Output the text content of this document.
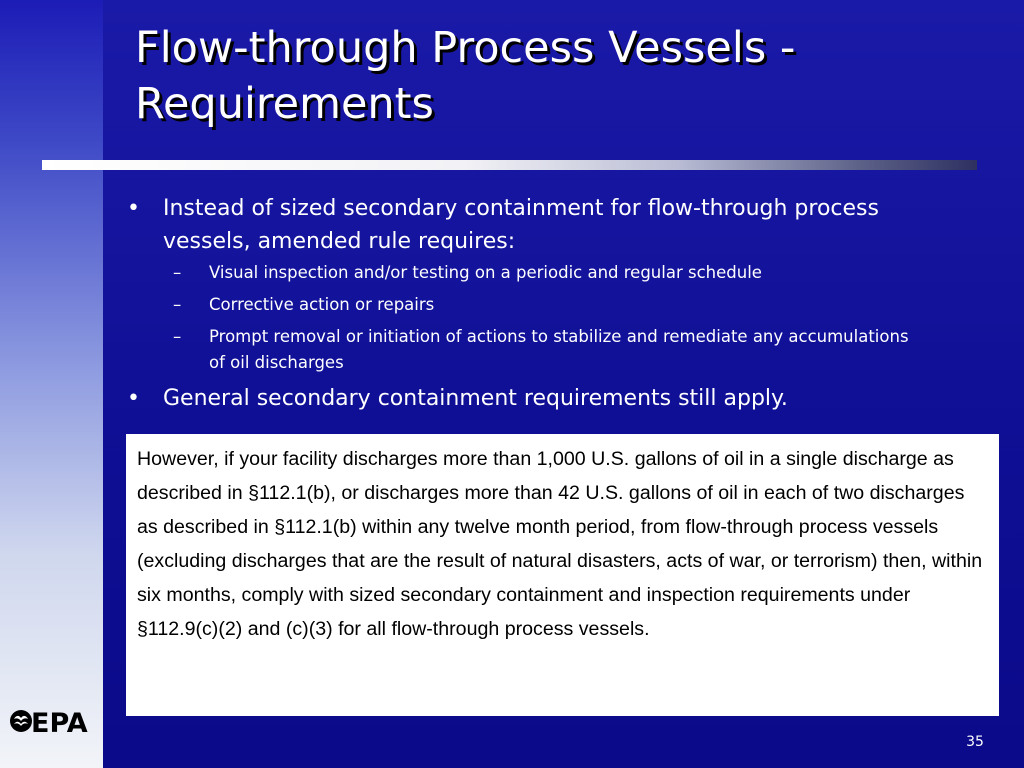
Flow-through Process Vessels - Requirements
• Instead of sized secondary containment for flow-through process vessels, amended rule requires:
– Visual inspection and/or testing on a periodic and regular schedule
– Corrective action or repairs
– Prompt removal or initiation of actions to stabilize and remediate any accumulations of oil discharges
• General secondary containment requirements still apply.
However, if your facility discharges more than 1,000 U.S. gallons of oil in a single discharge as described in §112.1(b), or discharges more than 42 U.S. gallons of oil in each of two discharges as described in §112.1(b) within any twelve month period, from flow-through process vessels (excluding discharges that are the result of natural disasters, acts of war, or terrorism) then, within six months, comply with sized secondary containment and inspection requirements under §112.9(c)(2) and (c)(3) for all flow-through process vessels.
EPA
35
